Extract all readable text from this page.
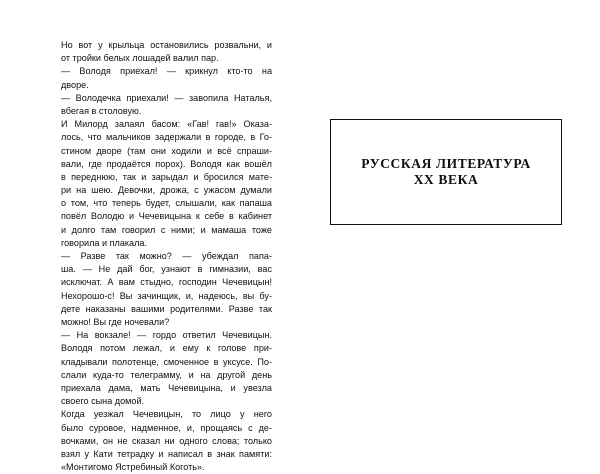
Но вот у крыльца остановились розвальни, и
от тройки белых лошадей валил пар.
— Володя приехал! — крикнул кто-то на
дворе.
— Володечка приехали! — завопила Наталья,
вбегая в столовую.
И Милорд залаял басом: «Гав! гав!» Оказа-
лось, что мальчиков задержали в городе, в Го-
стином дворе (там они ходили и всё спраши-
вали, где продаётся порох). Володя как вошёл
в переднюю, так и зарыдал и бросился мате-
ри на шею. Девочки, дрожа, с ужасом думали
о том, что теперь будет, слышали, как папаша
повёл Володю и Чечевицына к себе в кабинет
и долго там говорил с ними; и мамаша тоже
говорила и плакала.
— Разве так можно? — убеждал папа-
ша. — Не дай бог, узнают в гимназии, вас
исключат. А вам стыдно, господин Чечевицын!
Нехорошо-с! Вы зачинщик, и, надеюсь, вы бу-
дете наказаны вашими родителями. Разве так
можно! Вы где ночевали?
— На вокзале! — гордо ответил Чечевицын.
Володя потом лежал, и ему к голове при-
кладывали полотенце, смоченное в уксусе. По-
слали куда-то телеграмму, и на другой день
приехала дама, мать Чечевицына, и увезла
своего сына домой.
Когда уезжал Чечевицын, то лицо у него
было суровое, надменное, и, прощаясь с де-
вочками, он не сказал ни одного слова; только
взял у Кати тетрадку и написал в знак памяти:
«Монтигомо Ястребиный Коготь».
РУССКАЯ ЛИТЕРАТУРА
XX ВЕКА
